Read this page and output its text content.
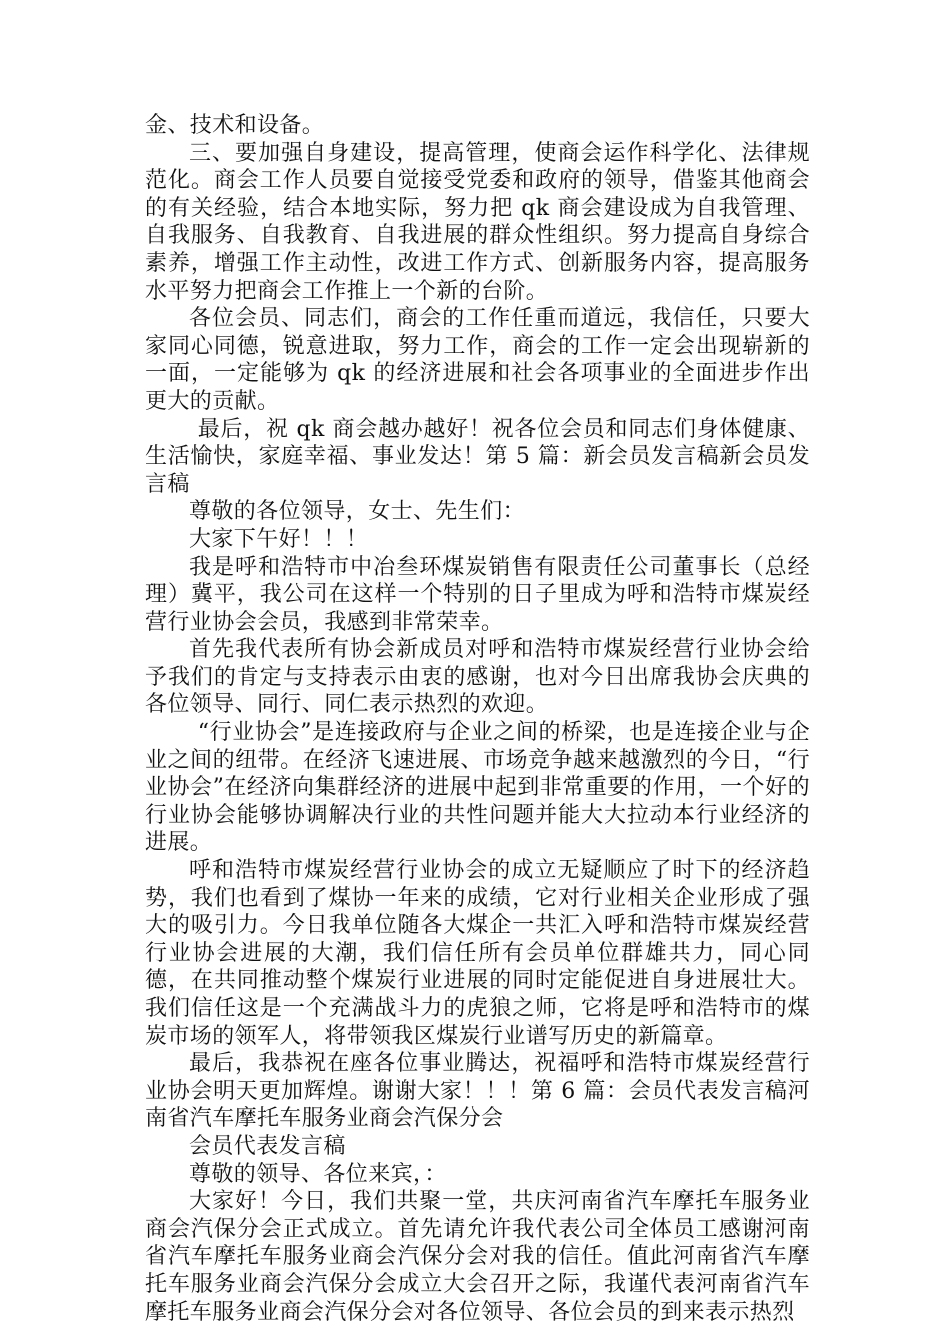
金、技术和设备。

三、要加强自身建设，提高管理，使商会运作科学化、法律规范化。商会工作人员要自觉接受党委和政府的领导，借鉴其他商会的有关经验，结合本地实际，努力把 qk 商会建设成为自我管理、自我服务、自我教育、自我进展的群众性组织。努力提高自身综合素养，增强工作主动性，改进工作方式、创新服务内容，提高服务水平努力把商会工作推上一个新的台阶。

各位会员、同志们，商会的工作任重而道远，我信任，只要大家同心同德，锐意进取，努力工作，商会的工作一定会出现崭新的一面，一定能够为 qk 的经济进展和社会各项事业的全面进步作出更大的贡献。

最后，祝 qk 商会越办越好！祝各位会员和同志们身体健康、生活愉快，家庭幸福、事业发达！第 5 篇：新会员发言稿新会员发言稿

尊敬的各位领导，女士、先生们：

大家下午好！！！

我是呼和浩特市中冶叁环煤炭销售有限责任公司董事长（总经理）冀平，我公司在这样一个特别的日子里成为呼和浩特市煤炭经营行业协会会员，我感到非常荣幸。

首先我代表所有协会新成员对呼和浩特市煤炭经营行业协会给予我们的肯定与支持表示由衷的感谢，也对今日出席我协会庆典的各位领导、同行、同仁表示热烈的欢迎。

“行业协会”是连接政府与企业之间的桥梁，也是连接企业与企业之间的纽带。在经济飞速进展、市场竞争越来越激烈的今日，“行业协会”在经济向集群经济的进展中起到非常重要的作用，一个好的行业协会能够协调解决行业的共性问题并能大大拉动本行业经济的进展。

呼和浩特市煤炭经营行业协会的成立无疑顺应了时下的经济趋势，我们也看到了煤协一年来的成绩，它对行业相关企业形成了强大的吸引力。今日我单位随各大煤企一共汇入呼和浩特市煤炭经营行业协会进展的大潮，我们信任所有会员单位群雄共力，同心同德，在共同推动整个煤炭行业进展的同时定能促进自身进展壮大。我们信任这是一个充满战斗力的虎狼之师，它将是呼和浩特市的煤炭市场的领军人，将带领我区煤炭行业谱写历史的新篇章。

最后，我恭祝在座各位事业腾达，祝福呼和浩特市煤炭经营行业协会明天更加辉煌。谢谢大家！！！第 6 篇：会员代表发言稿河南省汽车摩托车服务业商会汽保分会

会员代表发言稿

尊敬的领导、各位来宾，：

大家好！今日，我们共聚一堂，共庆河南省汽车摩托车服务业商会汽保分会正式成立。首先请允许我代表公司全体员工感谢河南省汽车摩托车服务业商会汽保分会对我的信任。值此河南省汽车摩托车服务业商会汽保分会成立大会召开之际，我谨代表河南省汽车摩托车服务业商会汽保分会对各位领导、各位会员的到来表示热烈
